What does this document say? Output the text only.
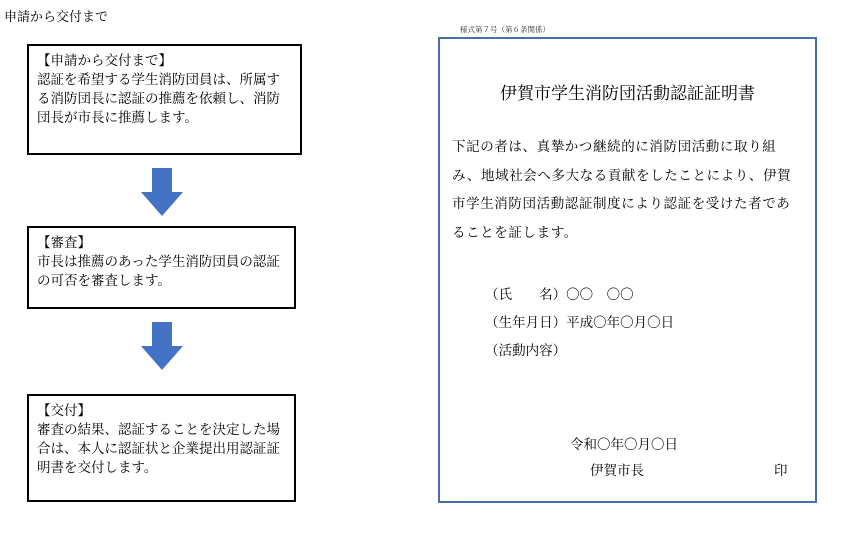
申請から交付まで
【申請から交付まで】
認証を希望する学生消防団員は、所属する消防団長に認証の推薦を依頼し、消防団長が市長に推薦します。
【審査】
市長は推薦のあった学生消防団員の認証の可否を審査します。
【交付】
審査の結果、認証することを決定した場合は、本人に認証状と企業提出用認証証明書を交付します。
様式第７号（第６条関係）
伊賀市学生消防団活動認証証明書

下記の者は、真摯かつ継続的に消防団活動に取り組み、地域社会へ多大なる貢献をしたことにより、伊賀市学生消防団活動認証制度により認証を受けた者であることを証します。

（氏　　名）〇〇　〇〇

（生年月日）平成〇年〇月〇日

（活動内容）

令和〇年〇月〇日
伊賀市長	印
